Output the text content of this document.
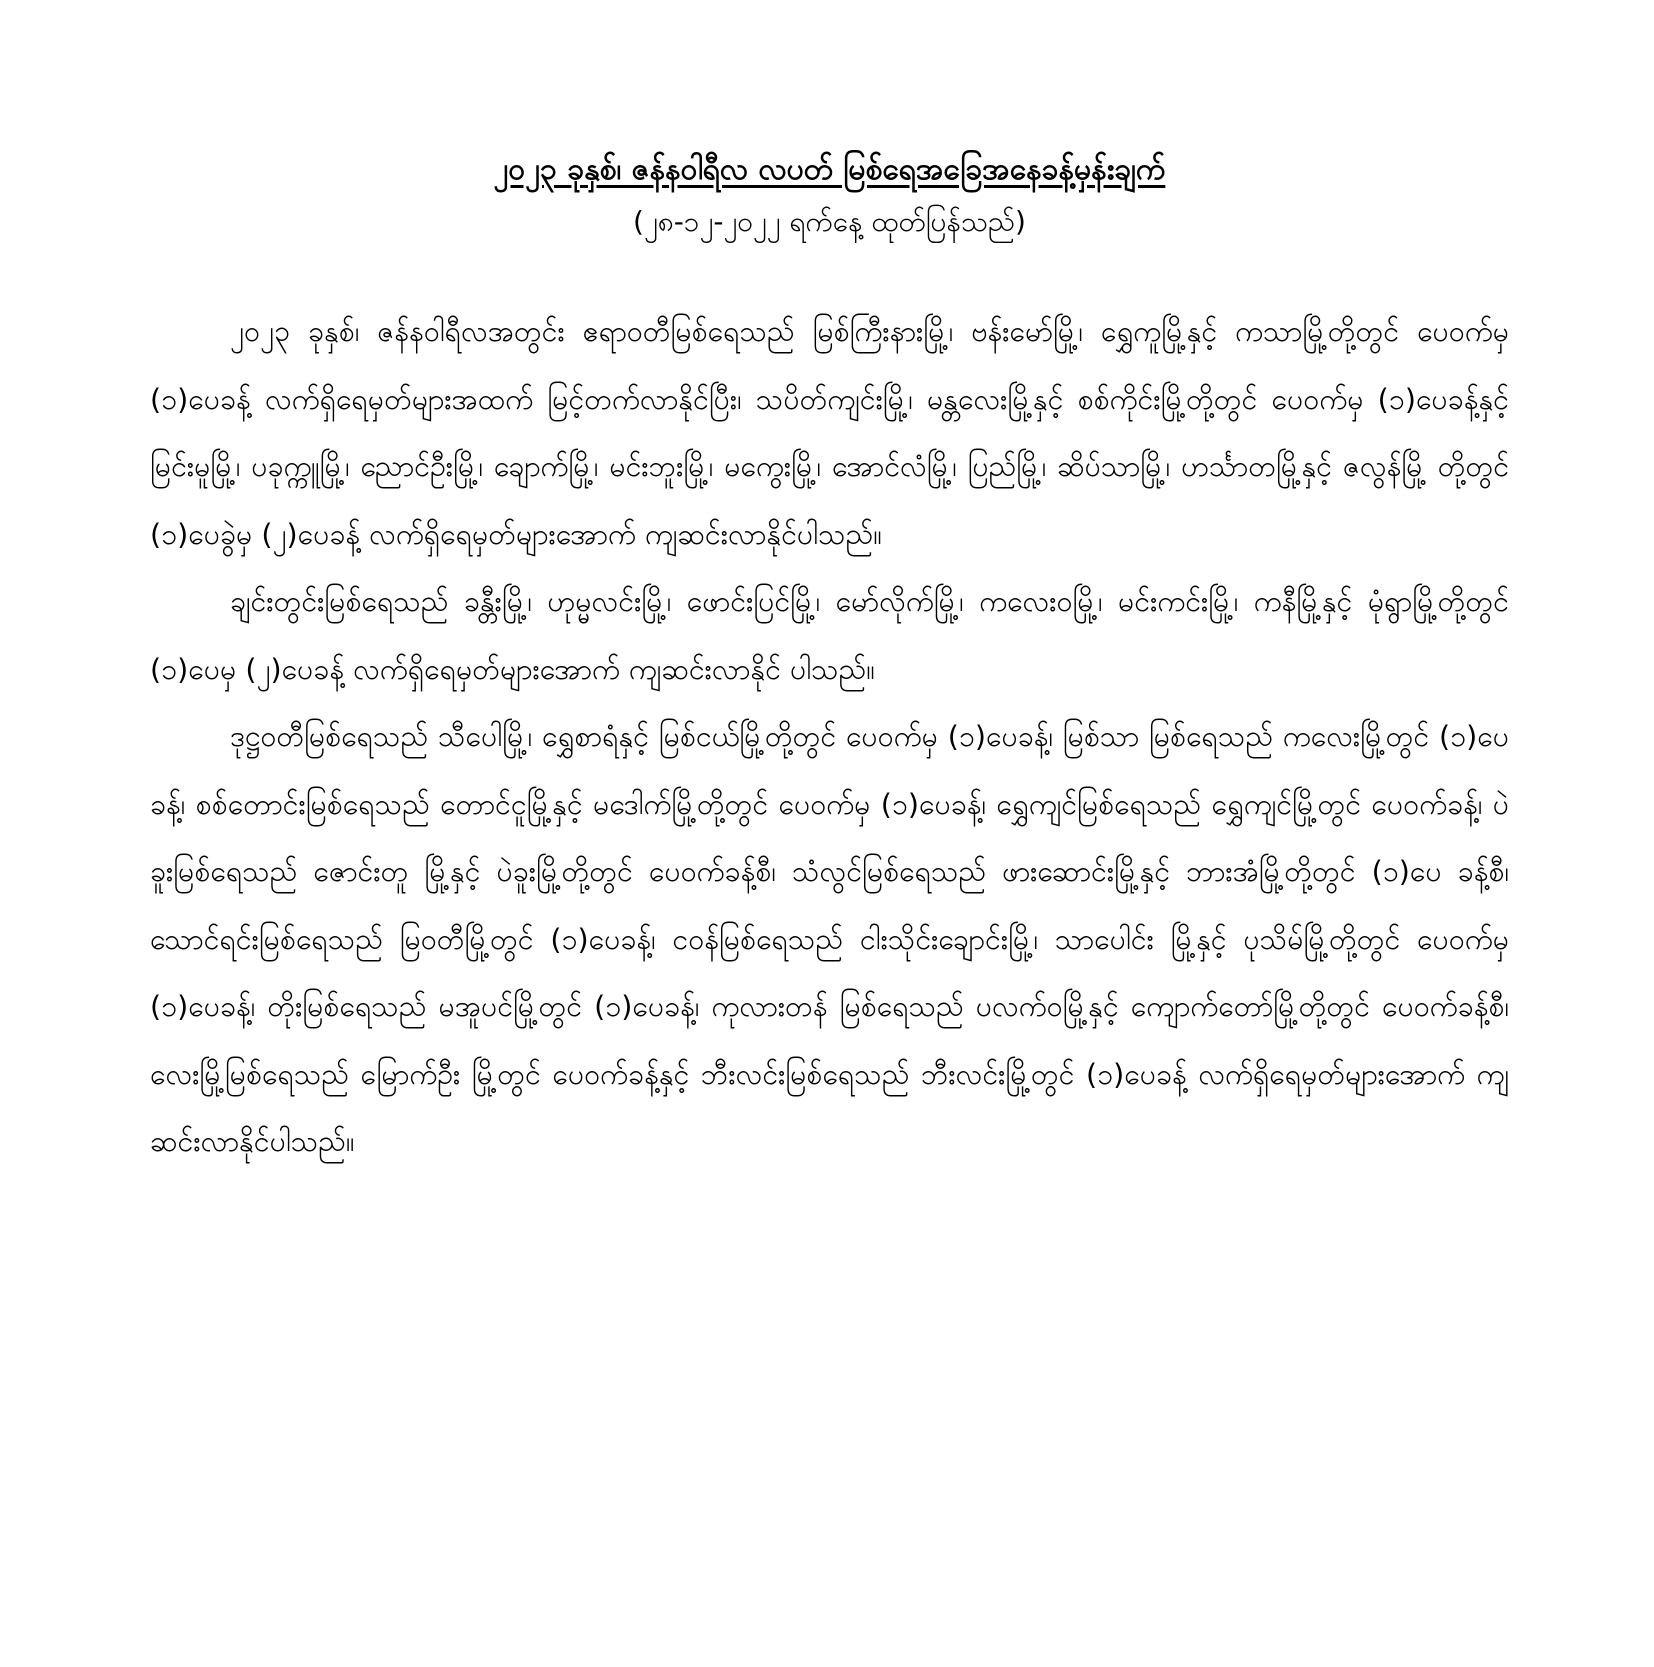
၂၀၂၃ ခုနှစ်၊ ဇန်နဝါရီလ လပတ် မြစ်ရေအခြေအနေခန့်မှန်းချက်
(၂၈-၁၂-၂၀၂၂ ရက်နေ့ ထုတ်ပြန်သည်)

၂၀၂၃ ခုနှစ်၊ ဇန်နဝါရီလအတွင်း ဧရာဝတီမြစ်ရေသည် မြစ်ကြီးနားမြို့၊ ဗန်းမော်မြို့၊ ရွှေကူမြို့နှင့် ကသာမြို့တို့တွင် ပေ၀က်မှ (၁)ပေခန့် လက်ရှိရေမှတ်များအထက် မြင့်တက်လာနိုင်ပြီး၊ သပိတ်ကျင်းမြို့၊ မန္တလေးမြို့နှင့် စစ်ကိုင်းမြို့တို့တွင် ပေ၀က်မှ (၁)ပေခန့်နှင့် မြင်းမူမြို့၊ ပခုက္ကူမြို့၊ ညောင်ဦးမြို့၊ ချောက်မြို့၊ မင်းဘူးမြို့၊ မကွေးမြို့၊ အောင်လံမြို့၊ ပြည်မြို့၊ ဆိပ်သာမြို့၊ ဟင်္သာတမြို့နှင့် ဇလွန်မြို့ တို့တွင် (၁)ပေခွဲမှ (၂)ပေခန့် လက်ရှိရေမှတ်များအောက် ကျဆင်းလာနိုင်ပါသည်။

ချင်းတွင်းမြစ်ရေသည် ခန္တီးမြို့၊ ဟုမ္မလင်းမြို့၊ ဖောင်းပြင်မြို့၊ မော်လိုက်မြို့၊ ကလေးဝမြို့၊ မင်းကင်းမြို့၊ ကနီမြို့နှင့် မုံရွာမြို့တို့တွင် (၁)ပေမှ (၂)ပေခန့် လက်ရှိရေမှတ်များအောက် ကျဆင်းလာနိုင် ပါသည်။

ဒုဋ္ဌဝတီမြစ်ရေသည် သီပေါမြို့၊ ရွှေစာရံနှင့် မြစ်ငယ်မြို့တို့တွင် ပေ၀က်မှ (၁)ပေခန့်၊ မြစ်သာ မြစ်ရေသည် ကလေးမြို့တွင် (၁)ပေခန့်၊ စစ်တောင်းမြစ်ရေသည် တောင်ငူမြို့နှင့် မဒေါက်မြို့တို့တွင် ပေ၀က်မှ (၁)ပေခန့်၊ ရွှေကျင်မြစ်ရေသည် ရွှေကျင်မြို့တွင် ပေ၀က်ခန့်၊ ပဲခူးမြစ်ရေသည် ဇောင်းတူ မြို့နှင့် ပဲခူးမြို့တို့တွင် ပေ၀က်ခန့်စီ၊ သံလွင်မြစ်ရေသည် ဖားဆောင်းမြို့နှင့် ဘားအံမြို့တို့တွင် (၁)ပေ ခန့်စီ၊ သောင်ရင်းမြစ်ရေသည် မြဝတီမြို့တွင် (၁)ပေခန့်၊ ငဝန်မြစ်ရေသည် ငါးသိုင်းချောင်းမြို့၊ သာပေါင်း မြို့နှင့် ပုသိမ်မြို့တို့တွင် ပေ၀က်မှ (၁)ပေခန့်၊ တိုးမြစ်ရေသည် မအူပင်မြို့တွင် (၁)ပေခန့်၊ ကုလားတန် မြစ်ရေသည် ပလက်ဝမြို့နှင့် ကျောက်တော်မြို့တို့တွင် ပေ၀က်ခန့်စီ၊ လေးမြို့မြစ်ရေသည် မြောက်ဦး မြို့တွင် ပေ၀က်ခန့်နှင့် ဘီးလင်းမြစ်ရေသည် ဘီးလင်းမြို့တွင် (၁)ပေခန့် လက်ရှိရေမှတ်များအောက် ကျဆင်းလာနိုင်ပါသည်။
